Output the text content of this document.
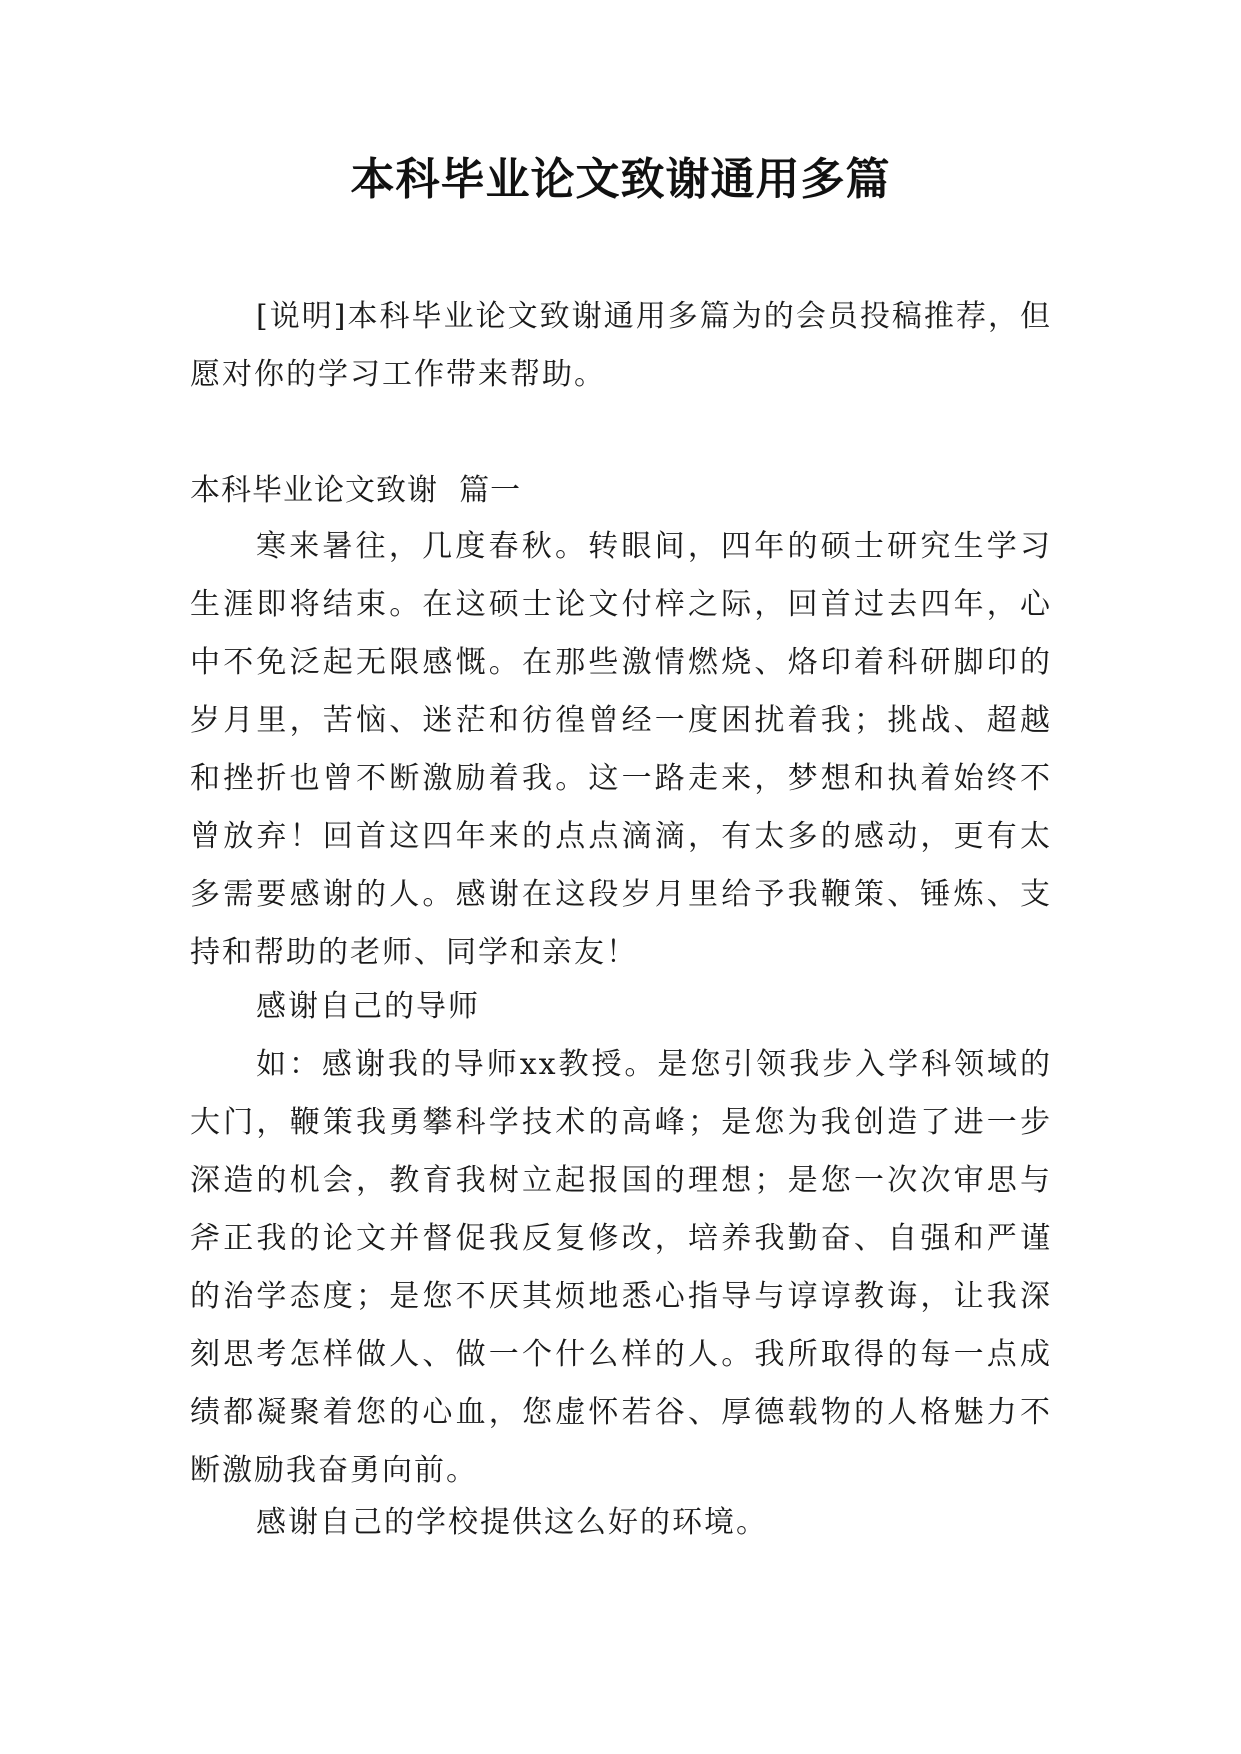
本科毕业论文致谢通用多篇

[说明]本科毕业论文致谢通用多篇为的会员投稿推荐，但愿对你的学习工作带来帮助。

本科毕业论文致谢  篇一

寒来暑往，几度春秋。转眼间，四年的硕士研究生学习生涯即将结束。在这硕士论文付梓之际，回首过去四年，心中不免泛起无限感慨。在那些激情燃烧、烙印着科研脚印的岁月里，苦恼、迷茫和彷徨曾经一度困扰着我；挑战、超越和挫折也曾不断激励着我。这一路走来，梦想和执着始终不曾放弃！回首这四年来的点点滴滴，有太多的感动，更有太多需要感谢的人。感谢在这段岁月里给予我鞭策、锤炼、支持和帮助的老师、同学和亲友！

感谢自己的导师

如：感谢我的导师xx教授。是您引领我步入学科领域的大门，鞭策我勇攀科学技术的高峰；是您为我创造了进一步深造的机会，教育我树立起报国的理想；是您一次次审思与斧正我的论文并督促我反复修改，培养我勤奋、自强和严谨的治学态度；是您不厌其烦地悉心指导与谆谆教诲，让我深刻思考怎样做人、做一个什么样的人。我所取得的每一点成绩都凝聚着您的心血，您虚怀若谷、厚德载物的人格魅力不断激励我奋勇向前。

感谢自己的学校提供这么好的环境。
